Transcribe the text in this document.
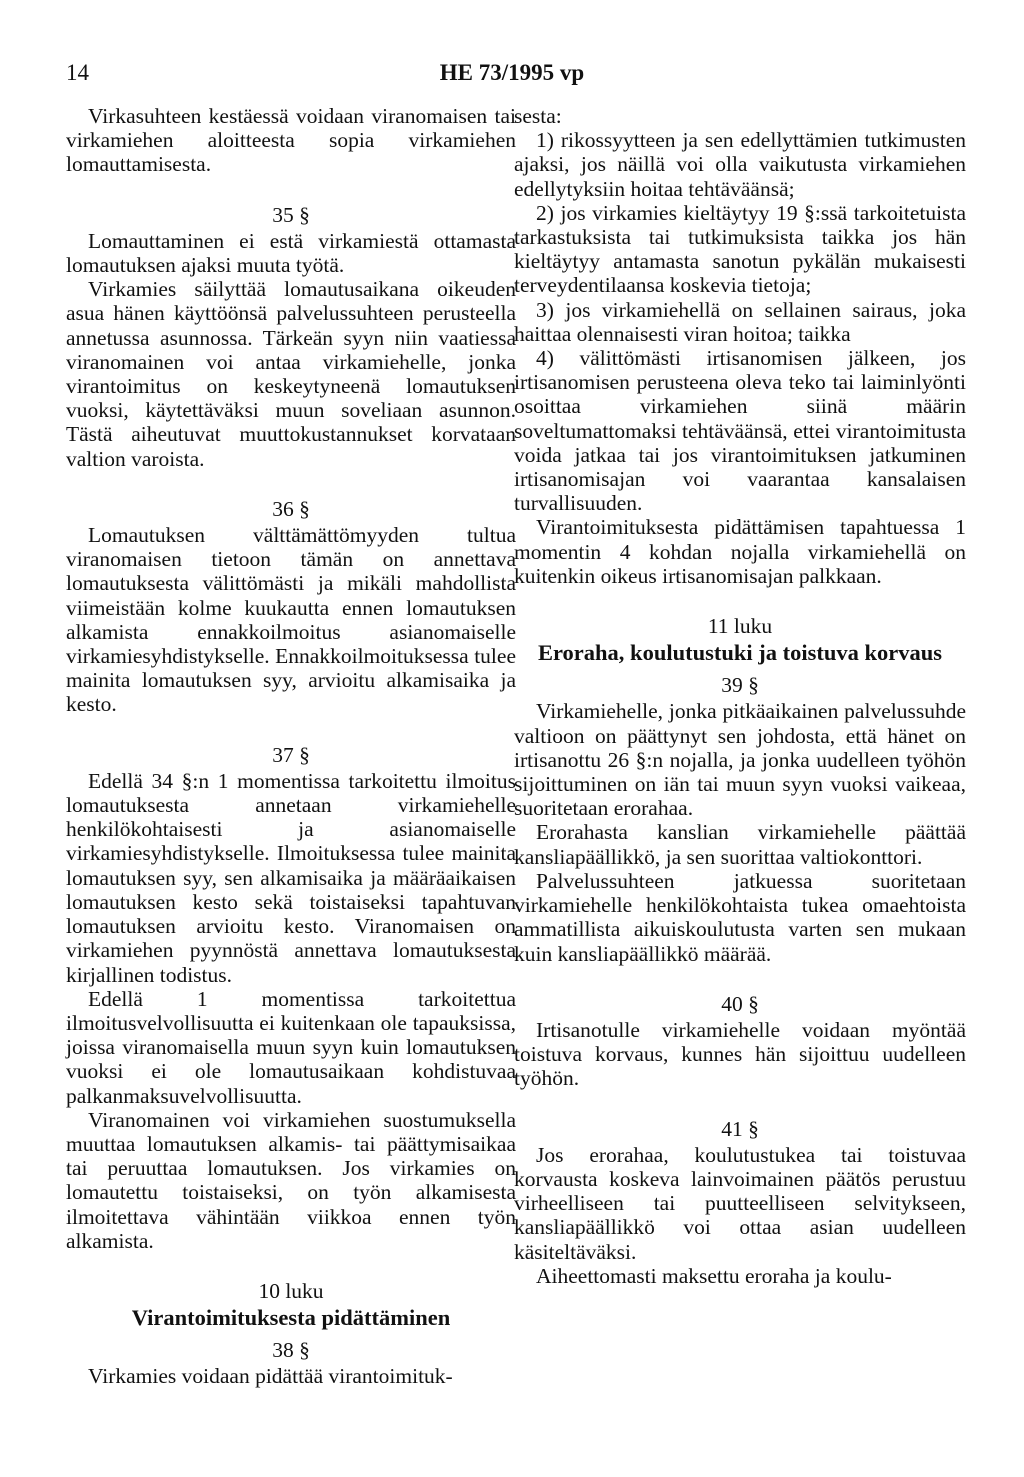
14	HE 73/1995 vp

Virkasuhteen kestäessä voidaan viranomaisen tai virkamiehen aloitteesta sopia virkamiehen lomauttamisesta.

35 §

Lomauttaminen ei estä virkamiestä ottamasta lomautuksen ajaksi muuta työtä.

Virkamies säilyttää lomautusaikana oikeuden asua hänen käyttöönsä palvelussuhteen perusteella annetussa asunnossa. Tärkeän syyn niin vaatiessa viranomainen voi antaa virkamiehelle, jonka virantoimitus on keskeytyneenä lomautuksen vuoksi, käytettäväksi muun soveliaan asunnon. Tästä aiheutuvat muuttokustannukset korvataan valtion varoista.

36 §

Lomautuksen välttämättömyyden tultua viranomaisen tietoon tämän on annettava lomautuksesta välittömästi ja mikäli mahdollista viimeistään kolme kuukautta ennen lomautuksen alkamista ennakkoilmoitus asianomaiselle virkamiesyhdistykselle. Ennakkoilmoituksessa tulee mainita lomautuksen syy, arvioitu alkamisaika ja kesto.

37 §

Edellä 34 §:n 1 momentissa tarkoitettu ilmoitus lomautuksesta annetaan virkamiehelle henkilökohtaisesti ja asianomaiselle virkamiesyhdistykselle. Ilmoituksessa tulee mainita lomautuksen syy, sen alkamisaika ja määräaikaisen lomautuksen kesto sekä toistaiseksi tapahtuvan lomautuksen arvioitu kesto. Viranomaisen on virkamiehen pyynnöstä annettava lomautuksesta kirjallinen todistus.

Edellä 1 momentissa tarkoitettua ilmoitusvelvollisuutta ei kuitenkaan ole tapauksissa, joissa viranomaisella muun syyn kuin lomautuksen vuoksi ei ole lomautusaikaan kohdistuvaa palkanmaksuvelvollisuutta.

Viranomainen voi virkamiehen suostumuksella muuttaa lomautuksen alkamis- tai päättymisaikaa tai peruuttaa lomautuksen. Jos virkamies on lomautettu toistaiseksi, on työn alkamisesta ilmoitettava vähintään viikkoa ennen työn alkamista.

10 luku
Virantoimituksesta pidättäminen
38 §

Virkamies voidaan pidättää virantoimituk-

sesta:

1) rikossyytteen ja sen edellyttämien tutkimusten ajaksi, jos näillä voi olla vaikutusta virkamiehen edellytyksiin hoitaa tehtäväänsä;

2) jos virkamies kieltäytyy 19 §:ssä tarkoitetuista tarkastuksista tai tutkimuksista taikka jos hän kieltäytyy antamasta sanotun pykälän mukaisesti terveydentilaansa koskevia tietoja;

3) jos virkamiehellä on sellainen sairaus, joka haittaa olennaisesti viran hoitoa; taikka

4) välittömästi irtisanomisen jälkeen, jos irtisanomisen perusteena oleva teko tai laiminlyönti osoittaa virkamiehen siinä määrin soveltumattomaksi tehtäväänsä, ettei virantoimitusta voida jatkaa tai jos virantoimituksen jatkuminen irtisanomisajan voi vaarantaa kansalaisen turvallisuuden.

Virantoimituksesta pidättämisen tapahtuessa 1 momentin 4 kohdan nojalla virkamiehellä on kuitenkin oikeus irtisanomisajan palkkaan.

11 luku
Eroraha, koulutustuki ja toistuva korvaus
39 §

Virkamiehelle, jonka pitkäaikainen palvelussuhde valtioon on päättynyt sen johdosta, että hänet on irtisanottu 26 §:n nojalla, ja jonka uudelleen työhön sijoittuminen on iän tai muun syyn vuoksi vaikeaa, suoritetaan erorahaa.

Erorahasta kanslian virkamiehelle päättää kansliapäällikkö, ja sen suorittaa valtiokonttori.

Palvelussuhteen jatkuessa suoritetaan virkamiehelle henkilökohtaista tukea omaehtoista ammatillista aikuiskoulutusta varten sen mukaan kuin kansliapäällikkö määrää.

40 §

Irtisanotulle virkamiehelle voidaan myöntää toistuva korvaus, kunnes hän sijoittuu uudelleen työhön.

41 §

Jos erorahaa, koulutustukea tai toistuvaa korvausta koskeva lainvoimainen päätös perustuu virheelliseen tai puutteelliseen selvitykseen, kansliapäällikkö voi ottaa asian uudelleen käsiteltäväksi.

Aiheettomasti maksettu eroraha ja koulu-
